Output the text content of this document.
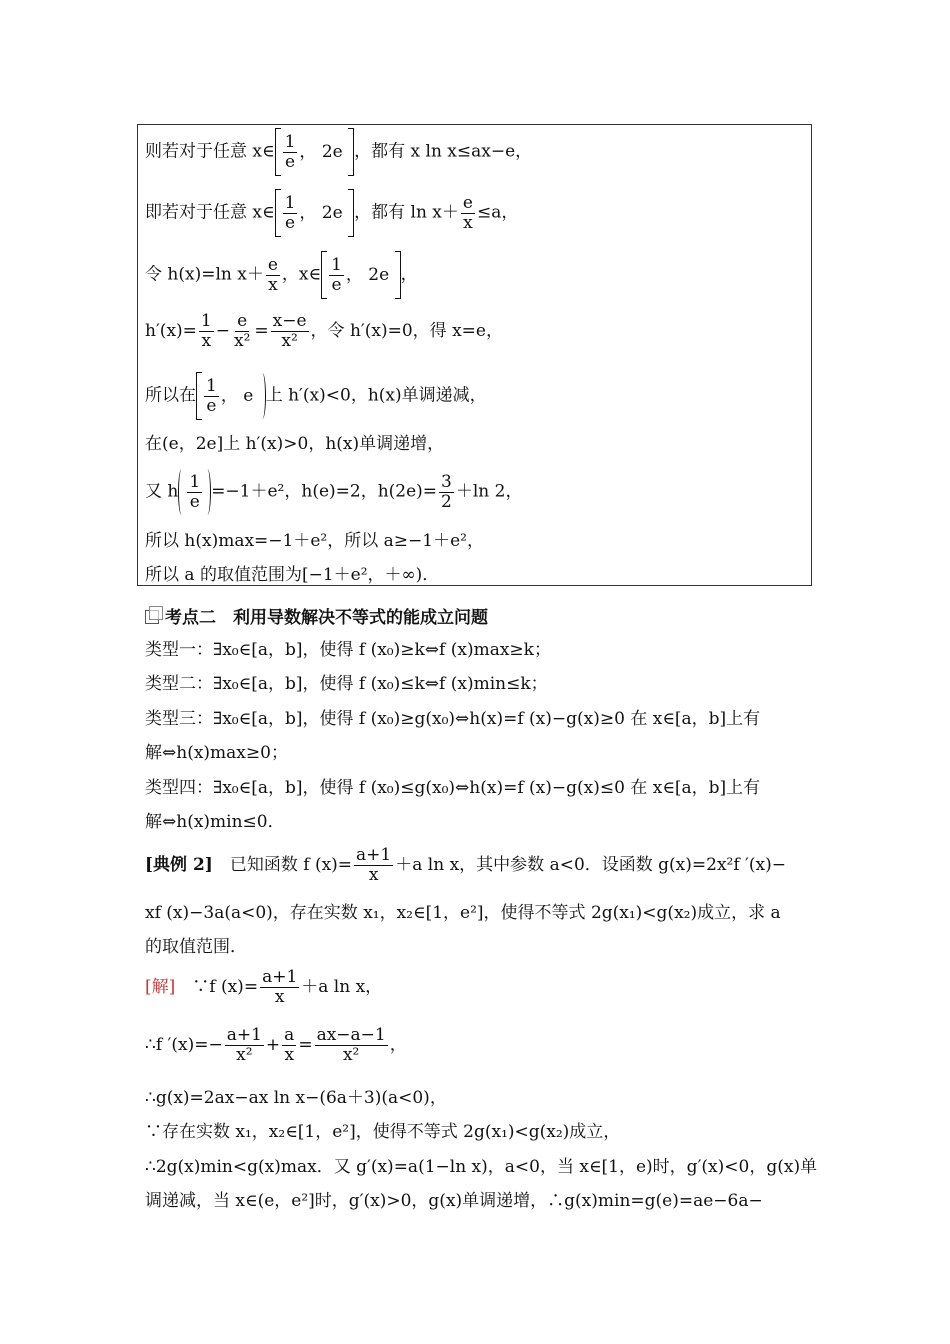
则若对于任意 x∈ $\frac{1}{e}$ ，
2e
，都有 x ln x≤ax−e，
即若对于任意 x∈ $\frac{1}{e}$ ，
2e
，都有 $\ln x+ \frac{e}{x} \le a$，
令 h(x)=ln $x+ \frac{e}{x}$ ，x∈ $\frac{1}{e}$ ，
2e
，
$h'(x)= \frac{1}{x} - \frac{e}{\text{x²}} = \frac{x-e}{\text{x²}}$ ，令 h′(x)=0，得 x=e，
所以在 $\frac{1}{e}$ ，
e
上 h′(x)<0，h(x)单调递减，
在(e，2e]上 h′(x)>0，h(x)单调递增，
又 h $\frac{1}{e} =-1+e^2$，h(e)=2，$h(2e)= \frac{3}{2} +\ln$ 2，
所以 h(x)max=−1＋e²，所以 a≥−1＋e²，
所以 a 的取值范围为[−1＋e²，＋∞)．
考点二　利用导数解决不等式的能成立问题
类型一：∃x₀∈[a，b]，使得 f (x₀)≥k⇔f (x)max≥k；
类型二：∃x₀∈[a，b]，使得 f (x₀)≤k⇔f (x)min≤k；
类型三：∃x₀∈[a，b]，使得 f (x₀)≥g(x₀)⇔h(x)=f (x)−g(x)≥0 在 x∈[a，b]上有
解⇔h(x)max≥0；
类型四：∃x₀∈[a，b]，使得 f (x₀)≤g(x₀)⇔h(x)=f (x)−g(x)≤0 在 x∈[a，b]上有
解⇔h(x)min≤0．
[典例 2]　已知函数 f $(x)= \frac{a+1}{x} +a$ ln x，其中参数 a<0．设函数 g(x)=2x²f ′(x)−
xf (x)−3a(a<0)，存在实数 x₁，x₂∈[1，e²]，使得不等式 2g(x₁)<g(x₂)成立，求 a
的取值范围．
[解]　∵f $(x)= \frac{a+1}{x} +a$ ln x，
∴f $'(x)=- \frac{a+1}{\text{x²}} + \frac{a}{x} = \frac{ax-a-1}{\text{x²}}$ ，
∴g(x)=2ax−ax ln x−(6a＋3)(a<0)，
∵存在实数 x₁，x₂∈[1，e²]，使得不等式 2g(x₁)<g(x₂)成立，
∴2g(x)min<g(x)max．又 g′(x)=a(1−ln x)，a<0，当 x∈[1，e)时，g′(x)<0，g(x)单
调递减，当 x∈(e，e²]时，g′(x)>0，g(x)单调递增，∴g(x)min=g(e)=ae−6a−
